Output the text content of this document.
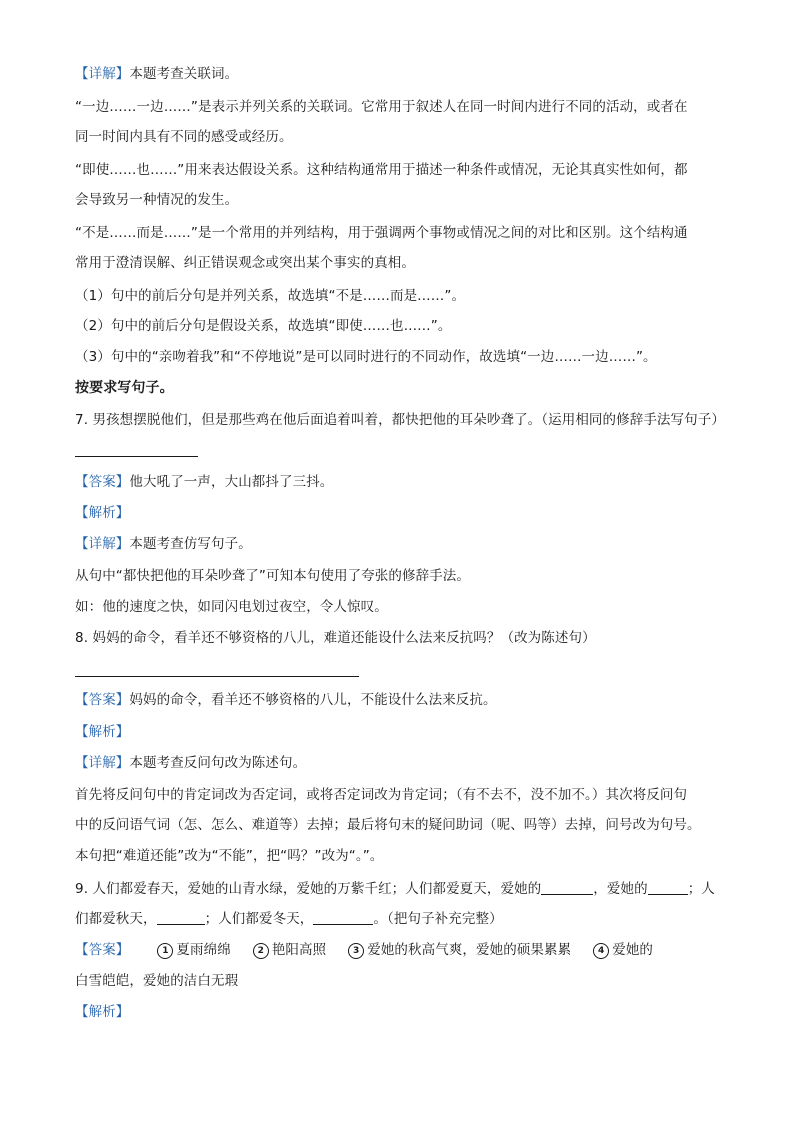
【详解】本题考查关联词。

“一边……一边……”是表示并列关系的关联词。它常用于叙述人在同一时间内进行不同的活动，或者在

同一时间内具有不同的感受或经历。

“即使……也……”用来表达假设关系。这种结构通常用于描述一种条件或情况，无论其真实性如何，都

会导致另一种情况的发生。

“不是……而是……”是一个常用的并列结构，用于强调两个事物或情况之间的对比和区别。这个结构通

常用于澄清误解、纠正错误观念或突出某个事实的真相。

（1）句中的前后分句是并列关系，故选填“不是……而是……”。

（2）句中的前后分句是假设关系，故选填“即使……也……”。

（3）句中的“亲吻着我”和“不停地说”是可以同时进行的不同动作，故选填“一边……一边……”。

按要求写句子。

7. 男孩想摆脱他们，但是那些鸡在他后面追着叫着，都快把他的耳朵吵聋了。（运用相同的修辞手法写句子）

【答案】他大吼了一声，大山都抖了三抖。

【解析】

【详解】本题考查仿写句子。

从句中“都快把他的耳朵吵聋了”可知本句使用了夸张的修辞手法。

如：他的速度之快，如同闪电划过夜空，令人惊叹。

8. 妈妈的命令，看羊还不够资格的八儿，难道还能设什么法来反抗吗？（改为陈述句）

【答案】妈妈的命令，看羊还不够资格的八儿，不能设什么法来反抗。

【解析】

【详解】本题考查反问句改为陈述句。

首先将反问句中的肯定词改为否定词，或将否定词改为肯定词；（有不去不，没不加不。）其次将反问句

中的反问语气词（怎、怎么、难道等）去掉；最后将句末的疑问助词（呢、吗等）去掉，问号改为句号。

本句把“难道还能”改为“不能”，把“吗？”改为“。”。

9. 人们都爱春天，爱她的山青水绿，爱她的万紫千红；人们都爱夏天，爱她的	，爱她的	；人

们都爱秋天，	；人们都爱冬天，	。（把句子补充完整）

【答案】	1 夏雨绵绵	2 艳阳高照	3 爱她的秋高气爽，爱她的硕果累累	4 爱她的

白雪皑皑，爱她的洁白无瑕

【解析】
